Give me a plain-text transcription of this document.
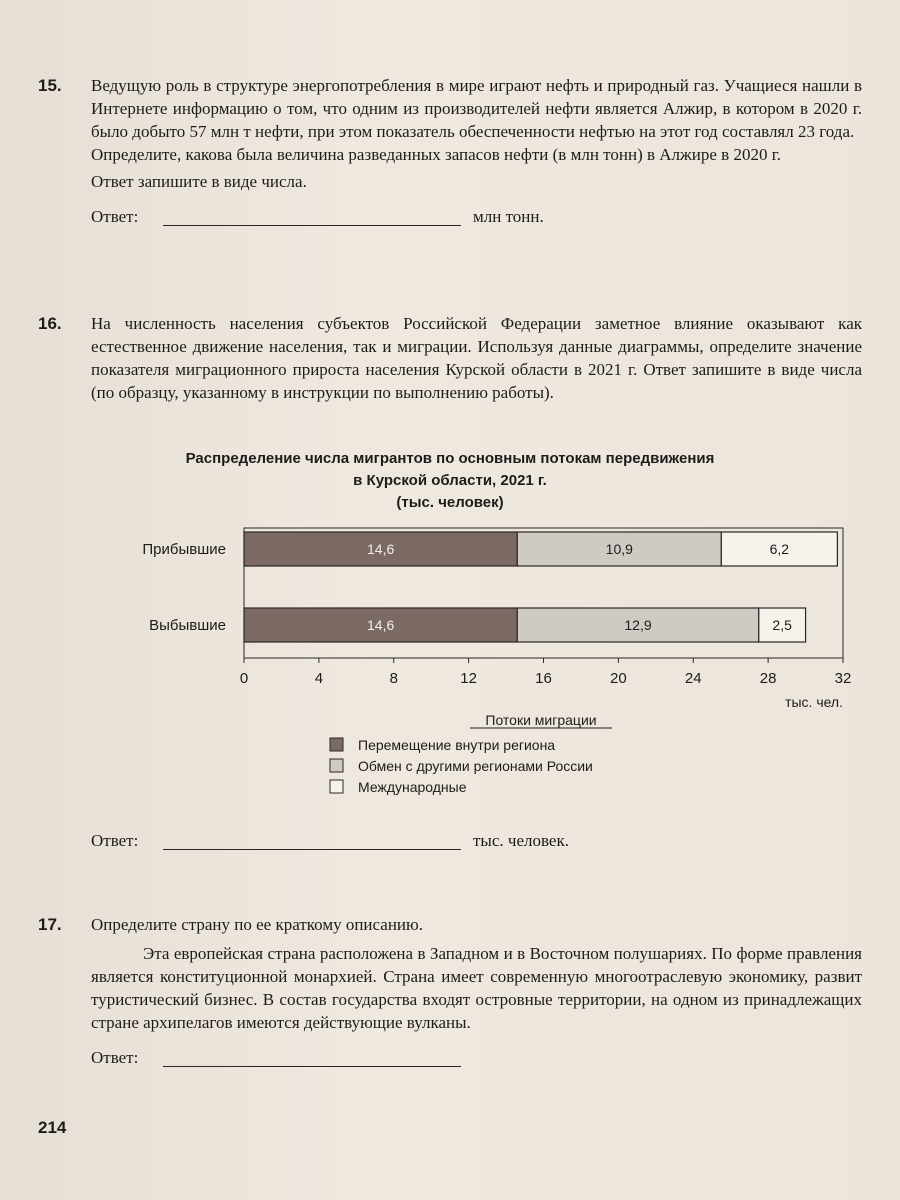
15. Ведущую роль в структуре энергопотребления в мире играют нефть и природный газ. Учащиеся нашли в Интернете информацию о том, что одним из производителей нефти является Алжир, в котором в 2020 г. было добыто 57 млн т нефти, при этом показатель обеспеченности нефтью на этот год составлял 23 года.

Определите, какова была величина разведанных запасов нефти (в млн тонн) в Алжире в 2020 г.

Ответ запишите в виде числа.

Ответ:	млн тонн.
16. На численность населения субъектов Российской Федерации заметное влияние оказывают как естественное движение населения, так и миграции. Используя данные диаграммы, определите значение показателя миграционного прироста населения Курской области в 2021 г. Ответ запишите в виде числа (по образцу, указанному в инструкции по выполнению работы).

Распределение числа мигрантов по основным потокам передвижения
в Курской области, 2021 г.
(тыс. человек)
14,6	10,9	6,2
14,6	12,9	2,5
Прибывшие
Выбывшие
0	4	8	12	16	20	24	28	32
тыс. чел.
Потоки миграции
Перемещение внутри региона
Обмен с другими регионами России
Международные
Ответ:	тыс. человек.
17. Определите страну по ее краткому описанию.

Эта европейская страна расположена в Западном и в Восточном полушариях. По форме правления является конституционной монархией. Страна имеет современную многоотраслевую экономику, развит туристический бизнес. В состав государства входят островные территории, на одном из принадлежащих стране архипелагов имеются действующие вулканы.

Ответ:
214
